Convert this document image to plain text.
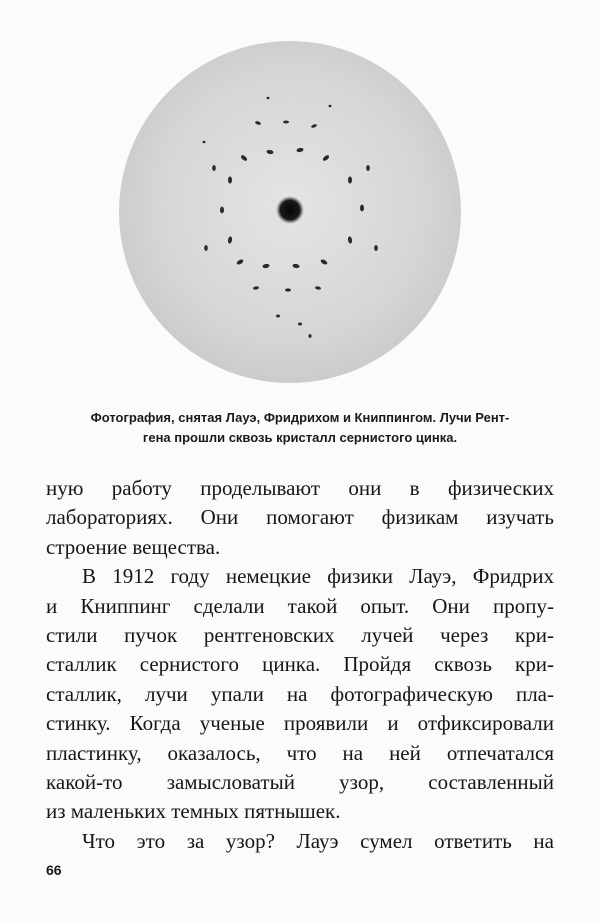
Фотография, снятая Лауэ, Фридрихом и Книппингом. Лучи Рент-
гена прошли сквозь кристалл сернистого цинка.
ную работу проделывают они в физических
лабораториях. Они помогают физикам изучать
строение вещества.
В 1912 году немецкие физики Лауэ, Фридрих
и Книппинг сделали такой опыт. Они пропу-
стили пучок рентгеновских лучей через кри-
сталлик сернистого цинка. Пройдя сквозь кри-
сталлик, лучи упали на фотографическую пла-
стинку. Когда ученые проявили и отфиксировали
пластинку, оказалось, что на ней отпечатался
какой-то замысловатый узор, составленный
из маленьких темных пятнышек.
Что это за узор? Лауэ сумел ответить на
66
